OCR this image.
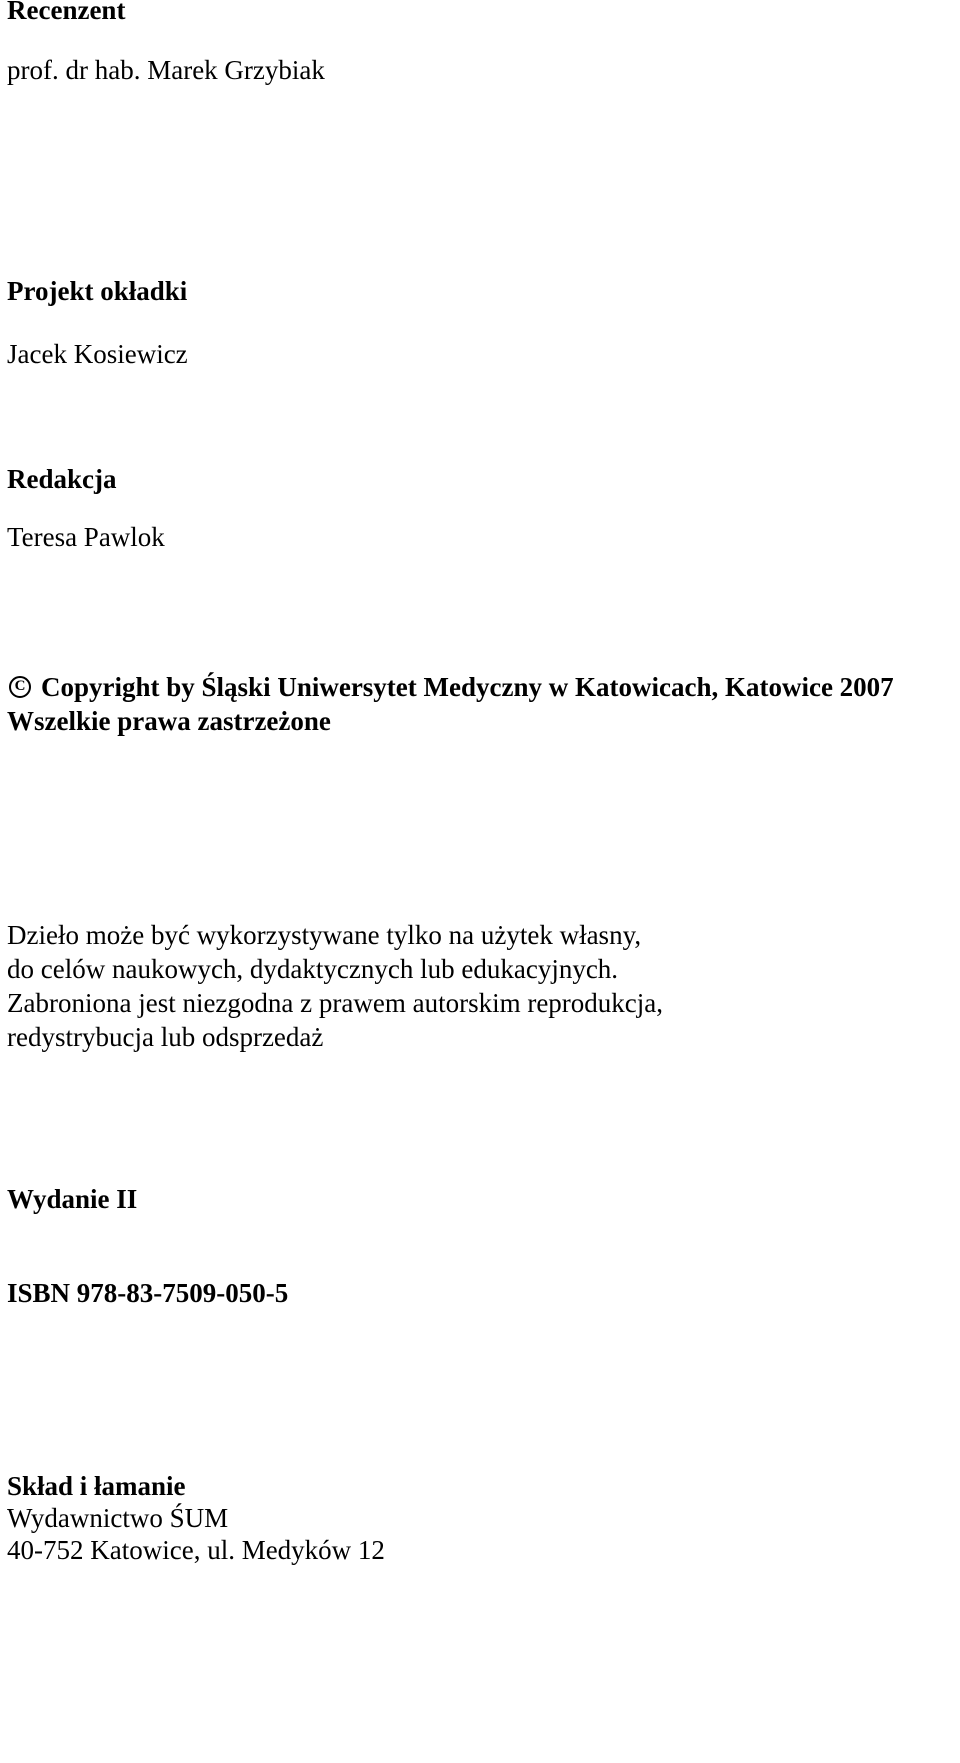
Recenzent

prof. dr hab. Marek Grzybiak

Projekt okładki

Jacek Kosiewicz

Redakcja

Teresa Pawlok

C Copyright by Śląski Uniwersytet Medyczny w Katowicach, Katowice 2007

Wszelkie prawa zastrzeżone

Dzieło może być wykorzystywane tylko na użytek własny,
do celów naukowych, dydaktycznych lub edukacyjnych.
Zabroniona jest niezgodna z prawem autorskim reprodukcja,
redystrybucja lub odsprzedaż

Wydanie II

ISBN 978-83-7509-050-5

Skład i łamanie

Wydawnictwo ŚUM

40-752 Katowice, ul. Medyków 12
